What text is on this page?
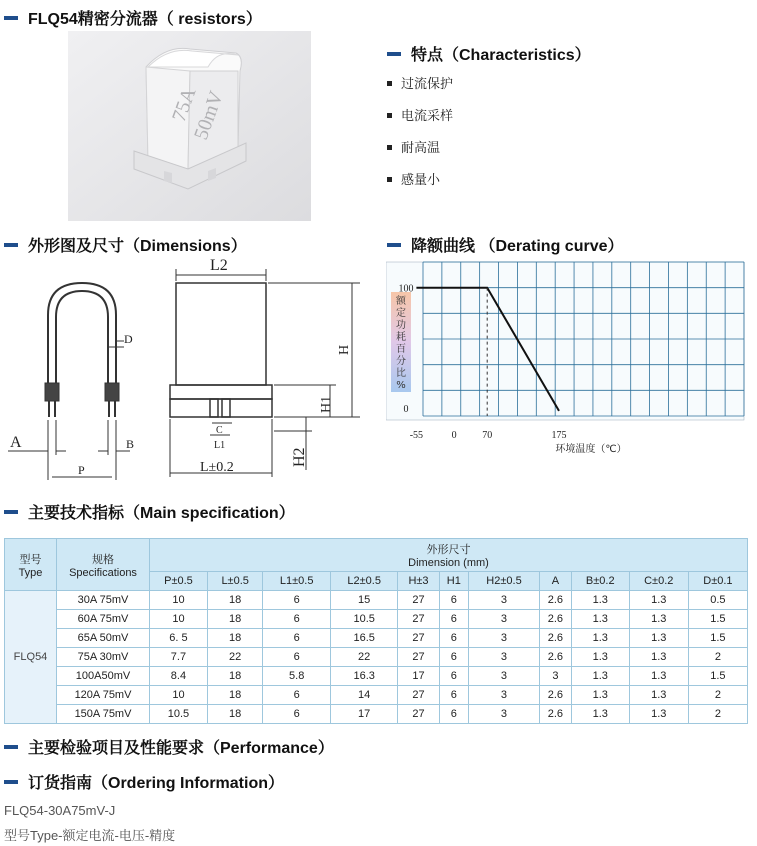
FLQ54精密分流器（ resistors）
特点（Characteristics）
外形图及尺寸（Dimensions）	降额曲线 （Derating curve）
主要技术指标（Main specification）
主要检验项目及性能要求（Performance）
订货指南（Ordering Information）
75A
50mV
过流保护
电流采样
耐高温
感量小
D
A	B
P
L2
H
H1
H2
C
L1
L±0.2
额
定
功
耗
百
分
比
%
-55	0	70	175
100
0
环境温度（℃）
型号
Type	规格
Specifications	外形尺寸
Dimension (mm)										
		P±0.5	L±0.5	L1±0.5	L2±0.5	H±3	H1	H2±0.5	A	B±0.2	C±0.2	D±0.1
FLQ54	30A 75mV	10	18	6	15	27	6	3	2.6	1.3	1.3	0.5
	60A 75mV	10	18	6	10.5	27	6	3	2.6	1.3	1.3	1.5
	65A 50mV	6. 5	18	6	16.5	27	6	3	2.6	1.3	1.3	1.5
	75A 30mV	7.7	22	6	22	27	6	3	2.6	1.3	1.3	2
	100A50mV	8.4	18	5.8	16.3	17	6	3	3	1.3	1.3	1.5
	120A 75mV	10	18	6	14	27	6	3	2.6	1.3	1.3	2
	150A 75mV	10.5	18	6	17	27	6	3	2.6	1.3	1.3	2
FLQ54-30A75mV-J
型号Type-额定电流-电压-精度
